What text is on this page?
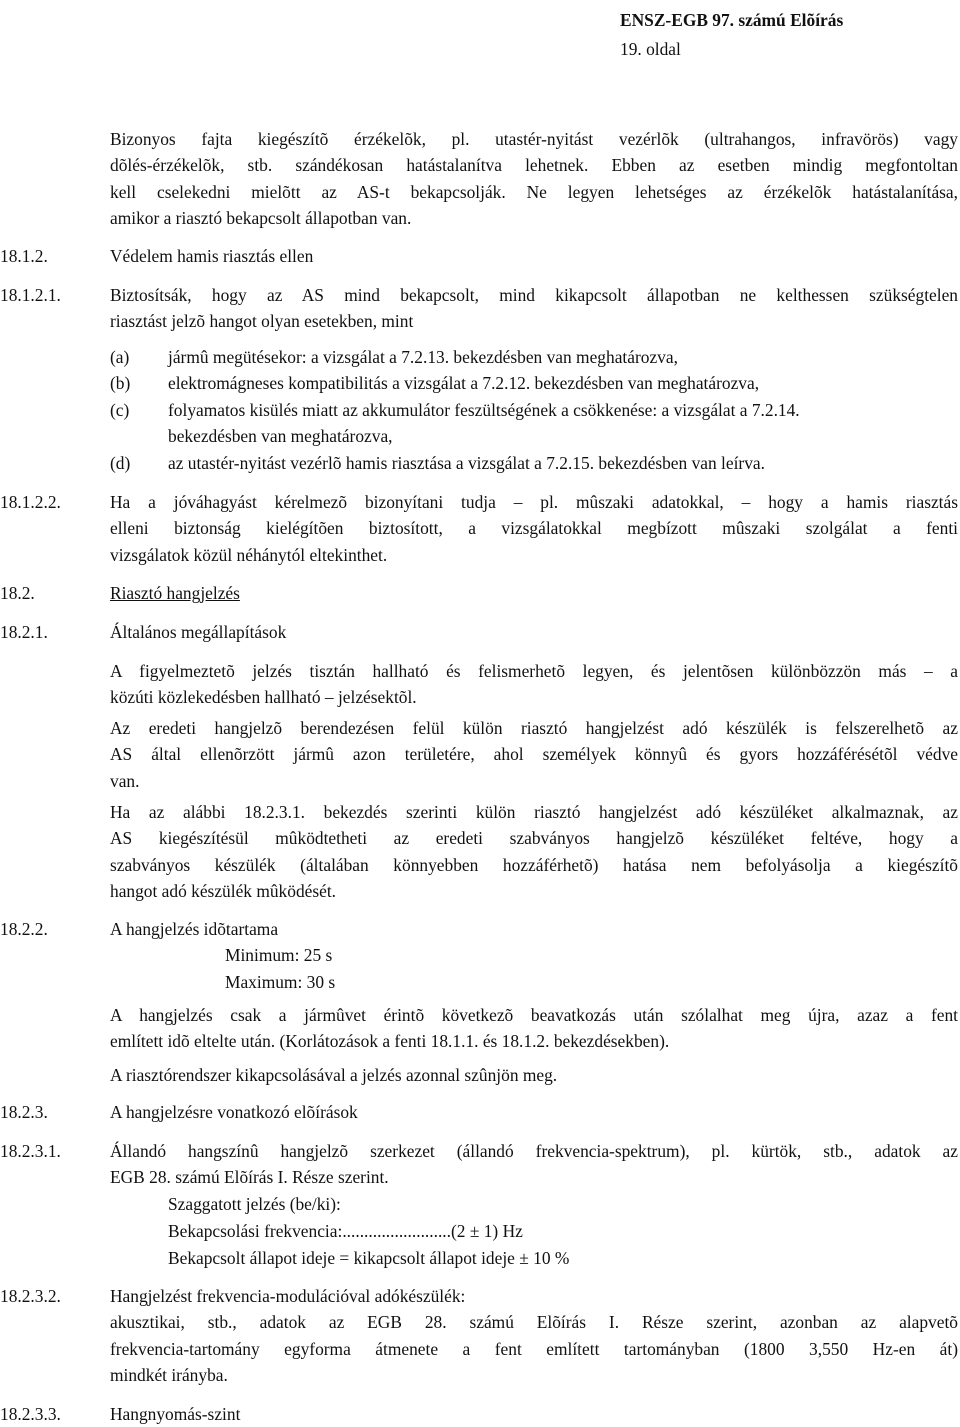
ENSZ-EGB 97. számú Elõírás
19. oldal
Bizonyos fajta kiegészítõ érzékelõk, pl. utastér-nyitást vezérlõk (ultrahangos, infravörös) vagy
dõlés-érzékelõk, stb. szándékosan hatástalanítva lehetnek. Ebben az esetben mindig megfontoltan
kell cselekedni mielõtt az AS-t bekapcsolják. Ne legyen lehetséges az érzékelõk hatástalanítása,
amikor a riasztó bekapcsolt állapotban van.
18.1.2.	Védelem hamis riasztás ellen
18.1.2.1.	Biztosítsák, hogy az AS mind bekapcsolt, mind kikapcsolt állapotban ne kelthessen szükségtelen
riasztást jelzõ hangot olyan esetekben, mint
(a) jármû megütésekor: a vizsgálat a 7.2.13. bekezdésben van meghatározva,
(b) elektromágneses kompatibilitás a vizsgálat a 7.2.12. bekezdésben van meghatározva,
(c) folyamatos kisülés miatt az akkumulátor feszültségének a csökkenése: a vizsgálat a 7.2.14.
bekezdésben van meghatározva,
(d) az utastér-nyitást vezérlõ hamis riasztása a vizsgálat a 7.2.15. bekezdésben van leírva.
18.1.2.2.	Ha a jóváhagyást kérelmezõ bizonyítani tudja – pl. mûszaki adatokkal, – hogy a hamis riasztás
elleni biztonság kielégítõen biztosított, a vizsgálatokkal megbízott mûszaki szolgálat a fenti
vizsgálatok közül néhánytól eltekinthet.
18.2.	Riasztó hangjelzés
18.2.1.	Általános megállapítások
A figyelmeztetõ jelzés tisztán hallható és felismerhetõ legyen, és jelentõsen különbözzön más – a
közúti közlekedésben hallható – jelzésektõl.
Az eredeti hangjelzõ berendezésen felül külön riasztó hangjelzést adó készülék is felszerelhetõ az
AS által ellenõrzött jármû azon területére, ahol személyek könnyû és gyors hozzáférésétõl védve
van.
Ha az alábbi 18.2.3.1. bekezdés szerinti külön riasztó hangjelzést adó készüléket alkalmaznak, az
AS kiegészítésül mûködtetheti az eredeti szabványos hangjelzõ készüléket feltéve, hogy a
szabványos készülék (általában könnyebben hozzáférhetõ) hatása nem befolyásolja a kiegészítõ
hangot adó készülék mûködését.
18.2.2.	A hangjelzés idõtartama
Minimum: 25 s
Maximum: 30 s
A hangjelzés csak a jármûvet érintõ következõ beavatkozás után szólalhat meg újra, azaz a fent
említett idõ eltelte után. (Korlátozások a fenti 18.1.1. és 18.1.2. bekezdésekben).
A riasztórendszer kikapcsolásával a jelzés azonnal szûnjön meg.
18.2.3.	A hangjelzésre vonatkozó elõírások
18.2.3.1.	Állandó hangszínû hangjelzõ szerkezet (állandó frekvencia-spektrum), pl. kürtök, stb., adatok az
EGB 28. számú Elõírás I. Része szerint.
Szaggatott jelzés (be/ki):
Bekapcsolási frekvencia:.........................(2 ± 1) Hz
Bekapcsolt állapot ideje = kikapcsolt állapot ideje ± 10 %
18.2.3.2.	Hangjelzést frekvencia-modulációval adókészülék:
akusztikai, stb., adatok az EGB 28. számú Elõírás I. Része szerint, azonban az alapvetõ
frekvencia-tartomány egyforma átmenete a fent említett tartományban (1800 3,550 Hz-en át)
mindkét irányba.
18.2.3.3.	Hangnyomás-szint
